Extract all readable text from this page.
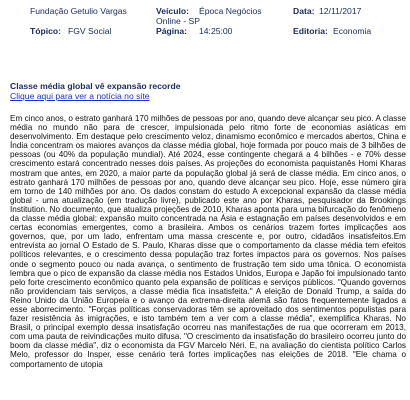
Fundação Getulio Vargas	Veículo: Época Negócios
Online - SP
Data: 12/11/2017
Tópico: FGV Social	Página: 14:25:00	Editoria: Economia
Classe média global vê expansão recorde
Clique aqui para ver a notícia no site
Em cinco anos, o estrato ganhará 170 milhões de pessoas por ano, quando deve alcançar seu pico. A classe média no mundo não para de crescer, impulsionada pelo ritmo forte de economias asiáticas em desenvolvimento. Em destaque pelo crescimento veloz, dinamismo econômico e mercados abertos, China e Índia concentram os maiores avanços da classe média global, hoje formada por pouco mais de 3 bilhões de pessoas (ou 40% da população mundial). Até 2024, esse contingente chegará a 4 bilhões - e 70% desse crescimento estará concentrado nesses dois países. As projeções do economista paquistanês Homi Kharas mostram que antes, em 2020, a maior parte da população global já será de classe média. Em cinco anos, o estrato ganhará 170 milhões de pessoas por ano, quando deve alcançar seu pico. Hoje, esse número gira em torno de 140 milhões por ano. Os dados constam do estudo A excepcional expansão da classe média global - uma atualização (em tradução livre), publicado este ano por Kharas, pesquisador da Brookings Institution. No documento, que atualiza projeções de 2010, Kharas aponta para uma bifurcação do fenômeno da classe média global: expansão muito concentrada na Ásia e estagnação em países desenvolvidos e em certas economias emergentes, como a brasileira. Ambos os cenários trazem fortes implicações aos governos, que, por um lado, enfrentam uma massa crescente e, por outro, cidadãos insatisfeitos.Em entrevista ao jornal O Estado de S. Paulo, Kharas disse que o comportamento da classe média tem efeitos políticos relevantes, e o crescimento dessa população traz fortes impactos para os governos. Nos países onde o segmento pouco ou nada avança, o sentimento de frustração tem sido uma tônica. O economista lembra que o pico de expansão da classe média nos Estados Unidos, Europa e Japão foi impulsionado tanto pelo forte crescimento econômico quanto pela expansão de políticas e serviços públicos. "Quando governos não providenciam tais serviços, a classe média fica insatisfeita." A eleição de Donald Trump, a saída do Reino Unido da União Europeia e o avanço da extrema-direita alemã são fatos frequentemente ligados a esse aborrecimento. "Forças políticas conservadoras têm se aproveitado dos sentimentos populistas para fazer resistência às imigrações, e isto também tem a ver com a classe média", exemplifica Kharas. No Brasil, o principal exemplo dessa insatisfação ocorreu nas manifestações de rua que ocorreram em 2013, com uma pauta de reivindicações muito difusa. "O crescimento da insatisfação do brasileiro ocorreu junto do boom da classe média", diz o economista da FGV Marcelo Néri. E, na avaliação do cientista político Carlos Melo, professor do Insper, esse cenário terá fortes implicações nas eleições de 2018. "Ele chama o comportamento de utopia
